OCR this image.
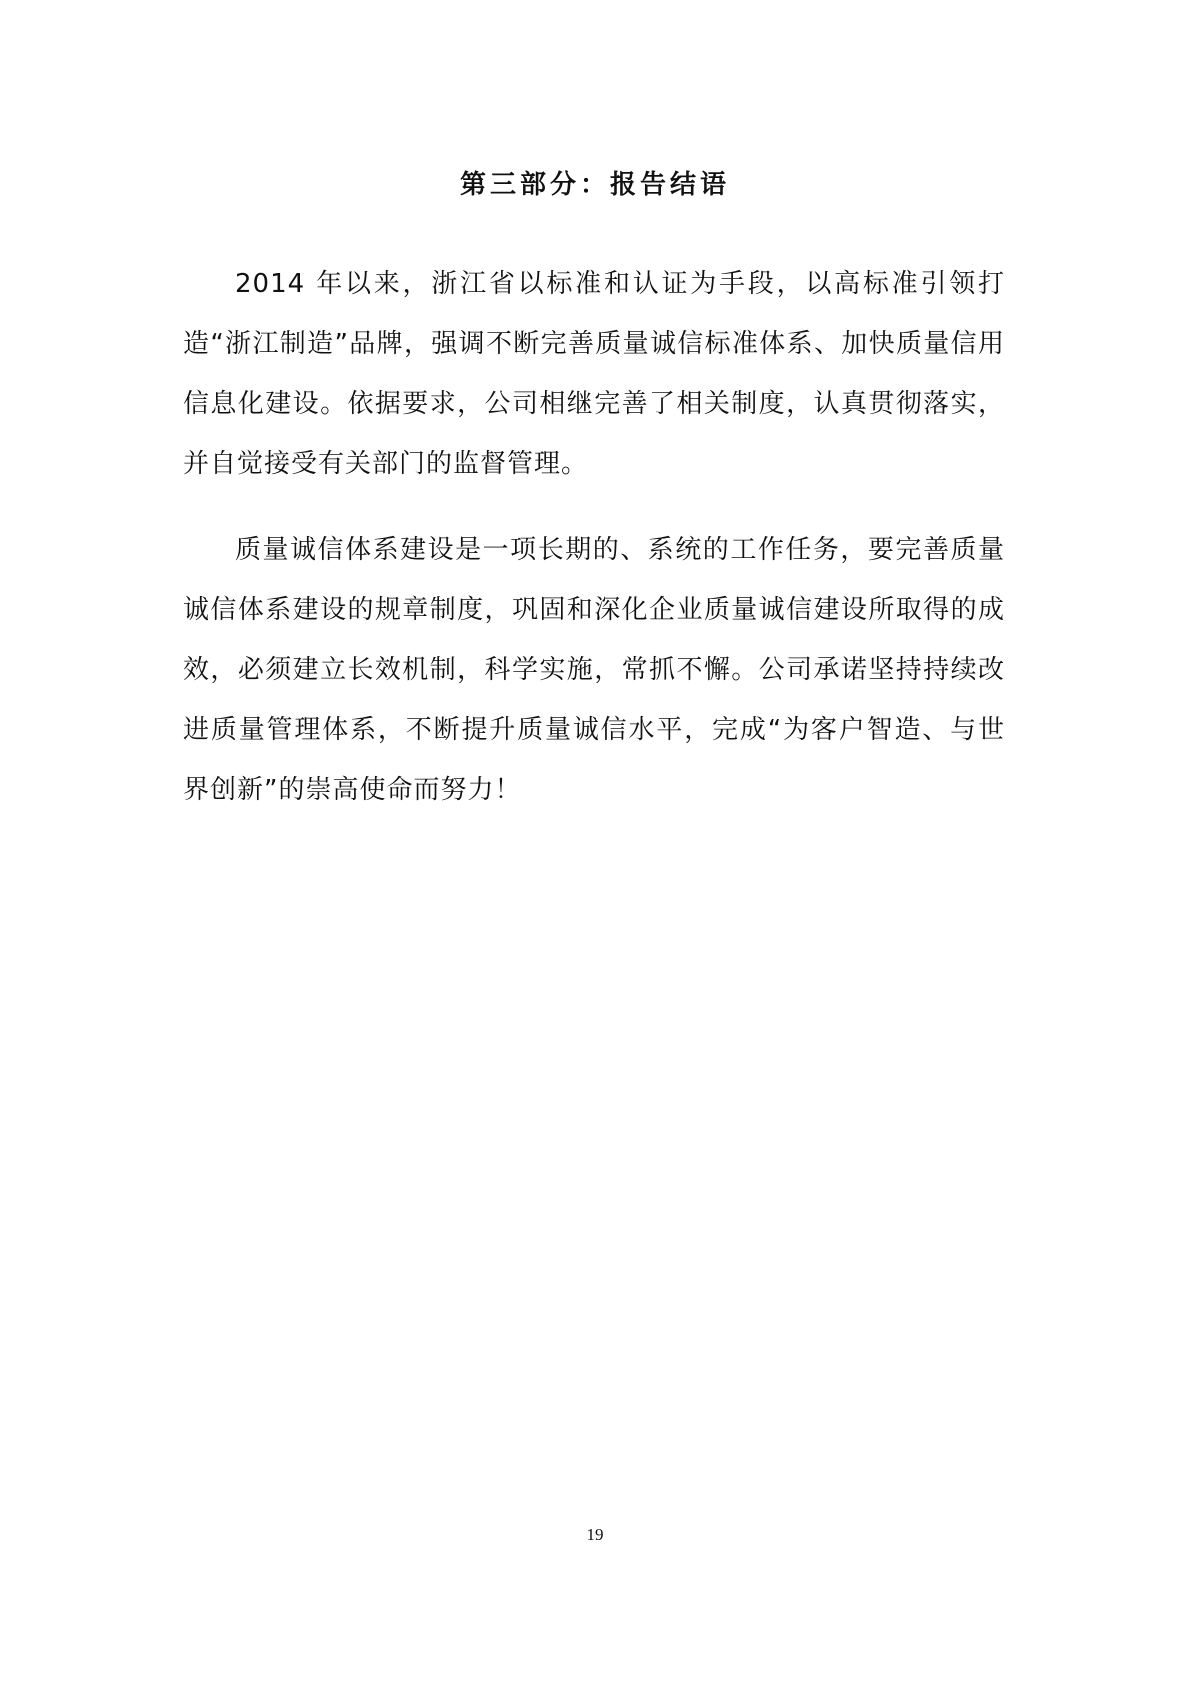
第三部分：报告结语

2014 年以来，浙江省以标准和认证为手段，以高标准引领打造“浙江制造”品牌，强调不断完善质量诚信标准体系、加快质量信用信息化建设。依据要求，公司相继完善了相关制度，认真贯彻落实，并自觉接受有关部门的监督管理。

质量诚信体系建设是一项长期的、系统的工作任务，要完善质量诚信体系建设的规章制度，巩固和深化企业质量诚信建设所取得的成效，必须建立长效机制，科学实施，常抓不懈。公司承诺坚持持续改进质量管理体系，不断提升质量诚信水平，完成“为客户智造、与世界创新”的崇高使命而努力！

19
